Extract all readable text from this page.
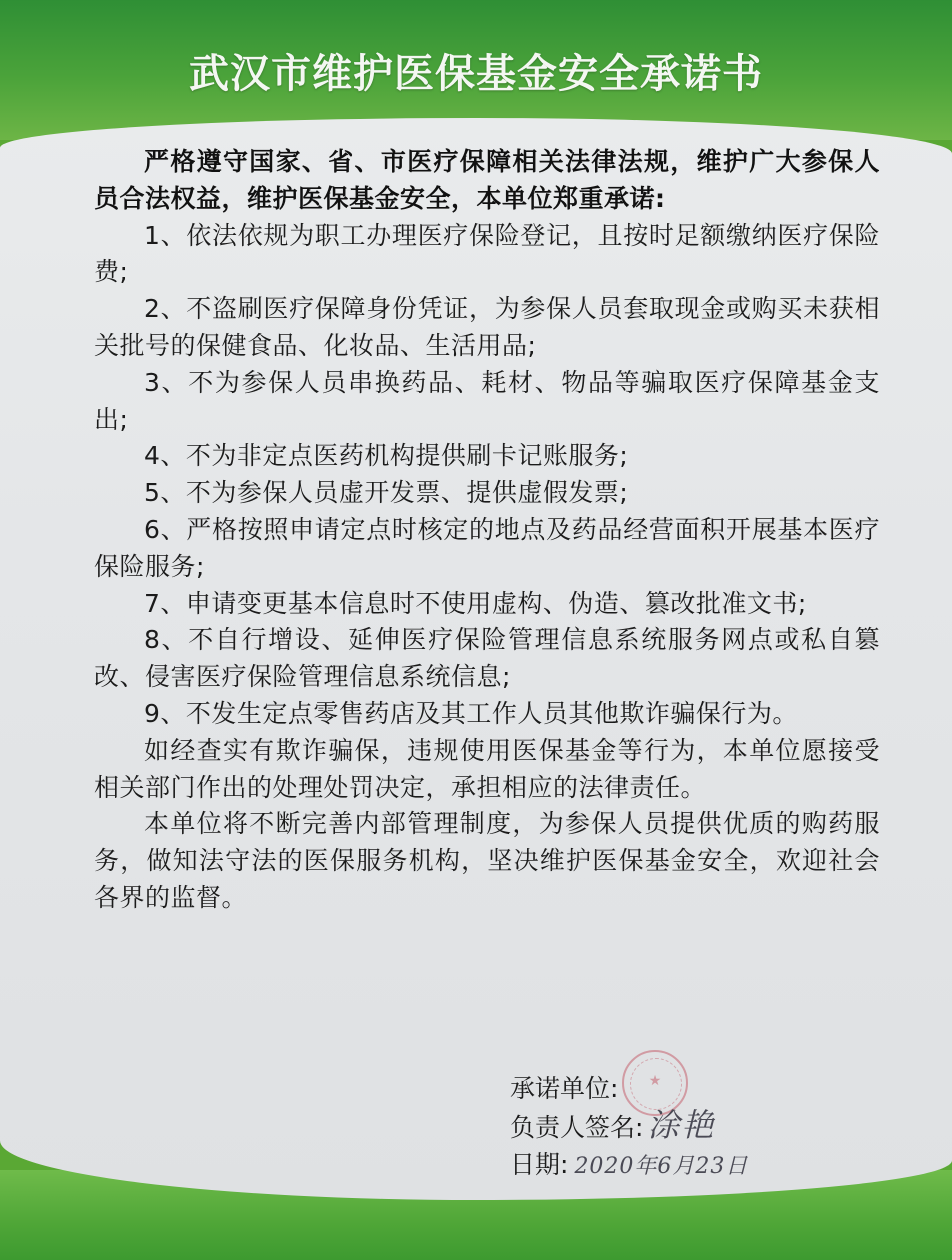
武汉市维护医保基金安全承诺书

严格遵守国家、省、市医疗保障相关法律法规，维护广大参保人员合法权益，维护医保基金安全，本单位郑重承诺:

1、依法依规为职工办理医疗保险登记，且按时足额缴纳医疗保险费;
2、不盗刷医疗保障身份凭证，为参保人员套取现金或购买未获相关批号的保健食品、化妆品、生活用品;
3、不为参保人员串换药品、耗材、物品等骗取医疗保障基金支出;
4、不为非定点医药机构提供刷卡记账服务;
5、不为参保人员虚开发票、提供虚假发票;
6、严格按照申请定点时核定的地点及药品经营面积开展基本医疗保险服务;
7、申请变更基本信息时不使用虚构、伪造、篡改批准文书;
8、不自行增设、延伸医疗保险管理信息系统服务网点或私自篡改、侵害医疗保险管理信息系统信息;
9、不发生定点零售药店及其工作人员其他欺诈骗保行为。

如经查实有欺诈骗保，违规使用医保基金等行为，本单位愿接受相关部门作出的处理处罚决定，承担相应的法律责任。

本单位将不断完善内部管理制度，为参保人员提供优质的购药服务，做知法守法的医保服务机构，坚决维护医保基金安全，欢迎社会各界的监督。

★
承诺单位:
负责人签名: 涂艳
日期: 2020年6月23日
